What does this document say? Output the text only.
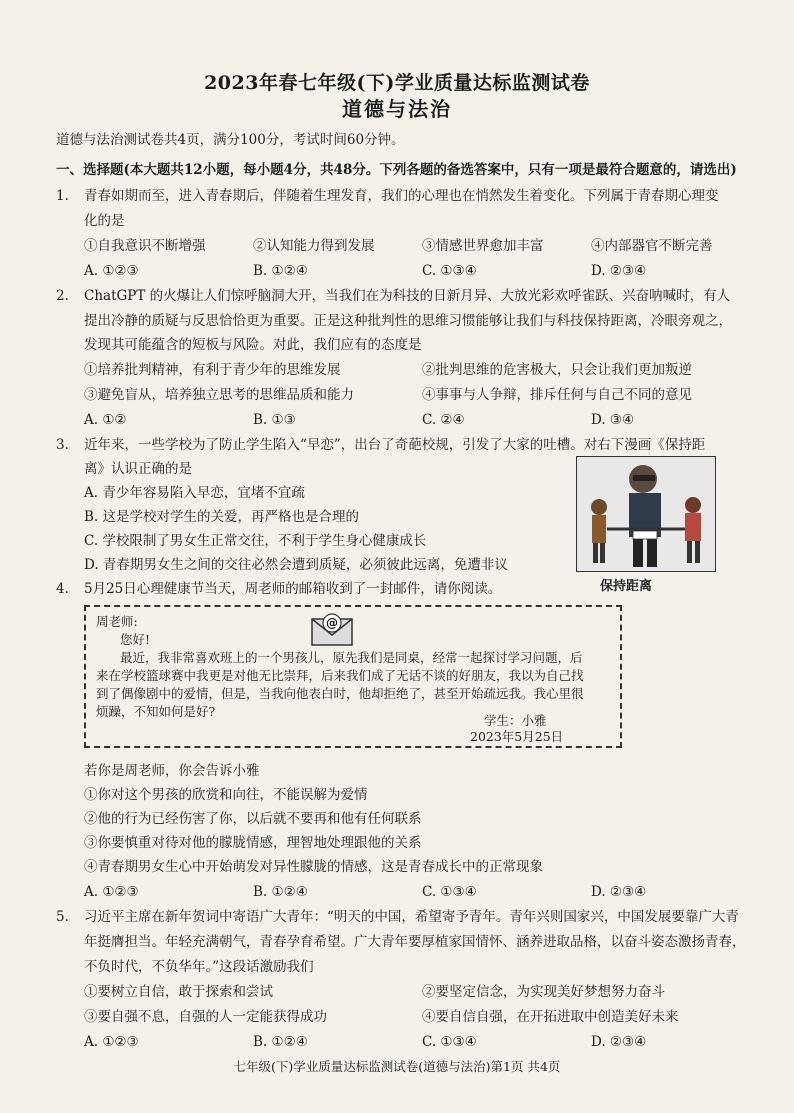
2023年春七年级(下)学业质量达标监测试卷
道德与法治
道德与法治测试卷共4页，满分100分，考试时间60分钟。
一、选择题(本大题共12小题，每小题4分，共48分。下列各题的备选答案中，只有一项是最符合题意的，请选出)
1. 青春如期而至，进入青春期后，伴随着生理发育，我们的心理也在悄然发生着变化。下列属于青春期心理变
化的是
①自我意识不断增强	②认知能力得到发展	③情感世界愈加丰富	④内部器官不断完善
A. ①②③	B. ①②④	C. ①③④	D. ②③④
2. ChatGPT 的火爆让人们惊呼脑洞大开，当我们在为科技的日新月异、大放光彩欢呼雀跃、兴奋呐喊时，有人
提出冷静的质疑与反思恰恰更为重要。正是这种批判性的思维习惯能够让我们与科技保持距离，冷眼旁观之，
发现其可能蕴含的短板与风险。对此，我们应有的态度是
①培养批判精神，有利于青少年的思维发展	②批判思维的危害极大，只会让我们更加叛逆
③避免盲从，培养独立思考的思维品质和能力	④事事与人争辩，排斥任何与自己不同的意见
A. ①②	B. ①③	C. ②④	D. ③④
3. 近年来，一些学校为了防止学生陷入“早恋”，出台了奇葩校规，引发了大家的吐槽。对右下漫画《保持距
离》认识正确的是
A. 青少年容易陷入早恋，宜堵不宜疏
B. 这是学校对学生的关爱，再严格也是合理的
C. 学校限制了男女生正常交往，不利于学生身心健康成长
D. 青春期男女生之间的交往必然会遭到质疑，必须彼此远离，免遭非议
保持距离
4. 5月25日心理健康节当天，周老师的邮箱收到了一封邮件，请你阅读。
@
周老师:
您好!
最近，我非常喜欢班上的一个男孩儿，原先我们是同桌，经常一起探讨学习问题，后
来在学校篮球赛中我更是对他无比崇拜，后来我们成了无话不谈的好朋友，我以为自己找
到了偶像剧中的爱情，但是，当我向他表白时，他却拒绝了，甚至开始疏远我。我心里很
烦躁，不知如何是好?
学生：小雅
2023年5月25日
若你是周老师，你会告诉小雅
①你对这个男孩的欣赏和向往，不能误解为爱情
②他的行为已经伤害了你，以后就不要再和他有任何联系
③你要慎重对待对他的朦胧情感，理智地处理跟他的关系
④青春期男女生心中开始萌发对异性朦胧的情感，这是青春成长中的正常现象
A. ①②③	B. ①②④	C. ①③④	D. ②③④
5. 习近平主席在新年贺词中寄语广大青年：“明天的中国，希望寄予青年。青年兴则国家兴，中国发展要靠广大青
年挺膺担当。年轻充满朝气，青春孕育希望。广大青年要厚植家国情怀、涵养进取品格，以奋斗姿态激扬青春，
不负时代，不负华年。”这段话激励我们
①要树立自信，敢于探索和尝试	②要坚定信念，为实现美好梦想努力奋斗
③要自强不息，自强的人一定能获得成功	④要自信自强，在开拓进取中创造美好未来
A. ①②③	B. ①②④	C. ①③④	D. ②③④
七年级(下)学业质量达标监测试卷(道德与法治)第1页 共4页
